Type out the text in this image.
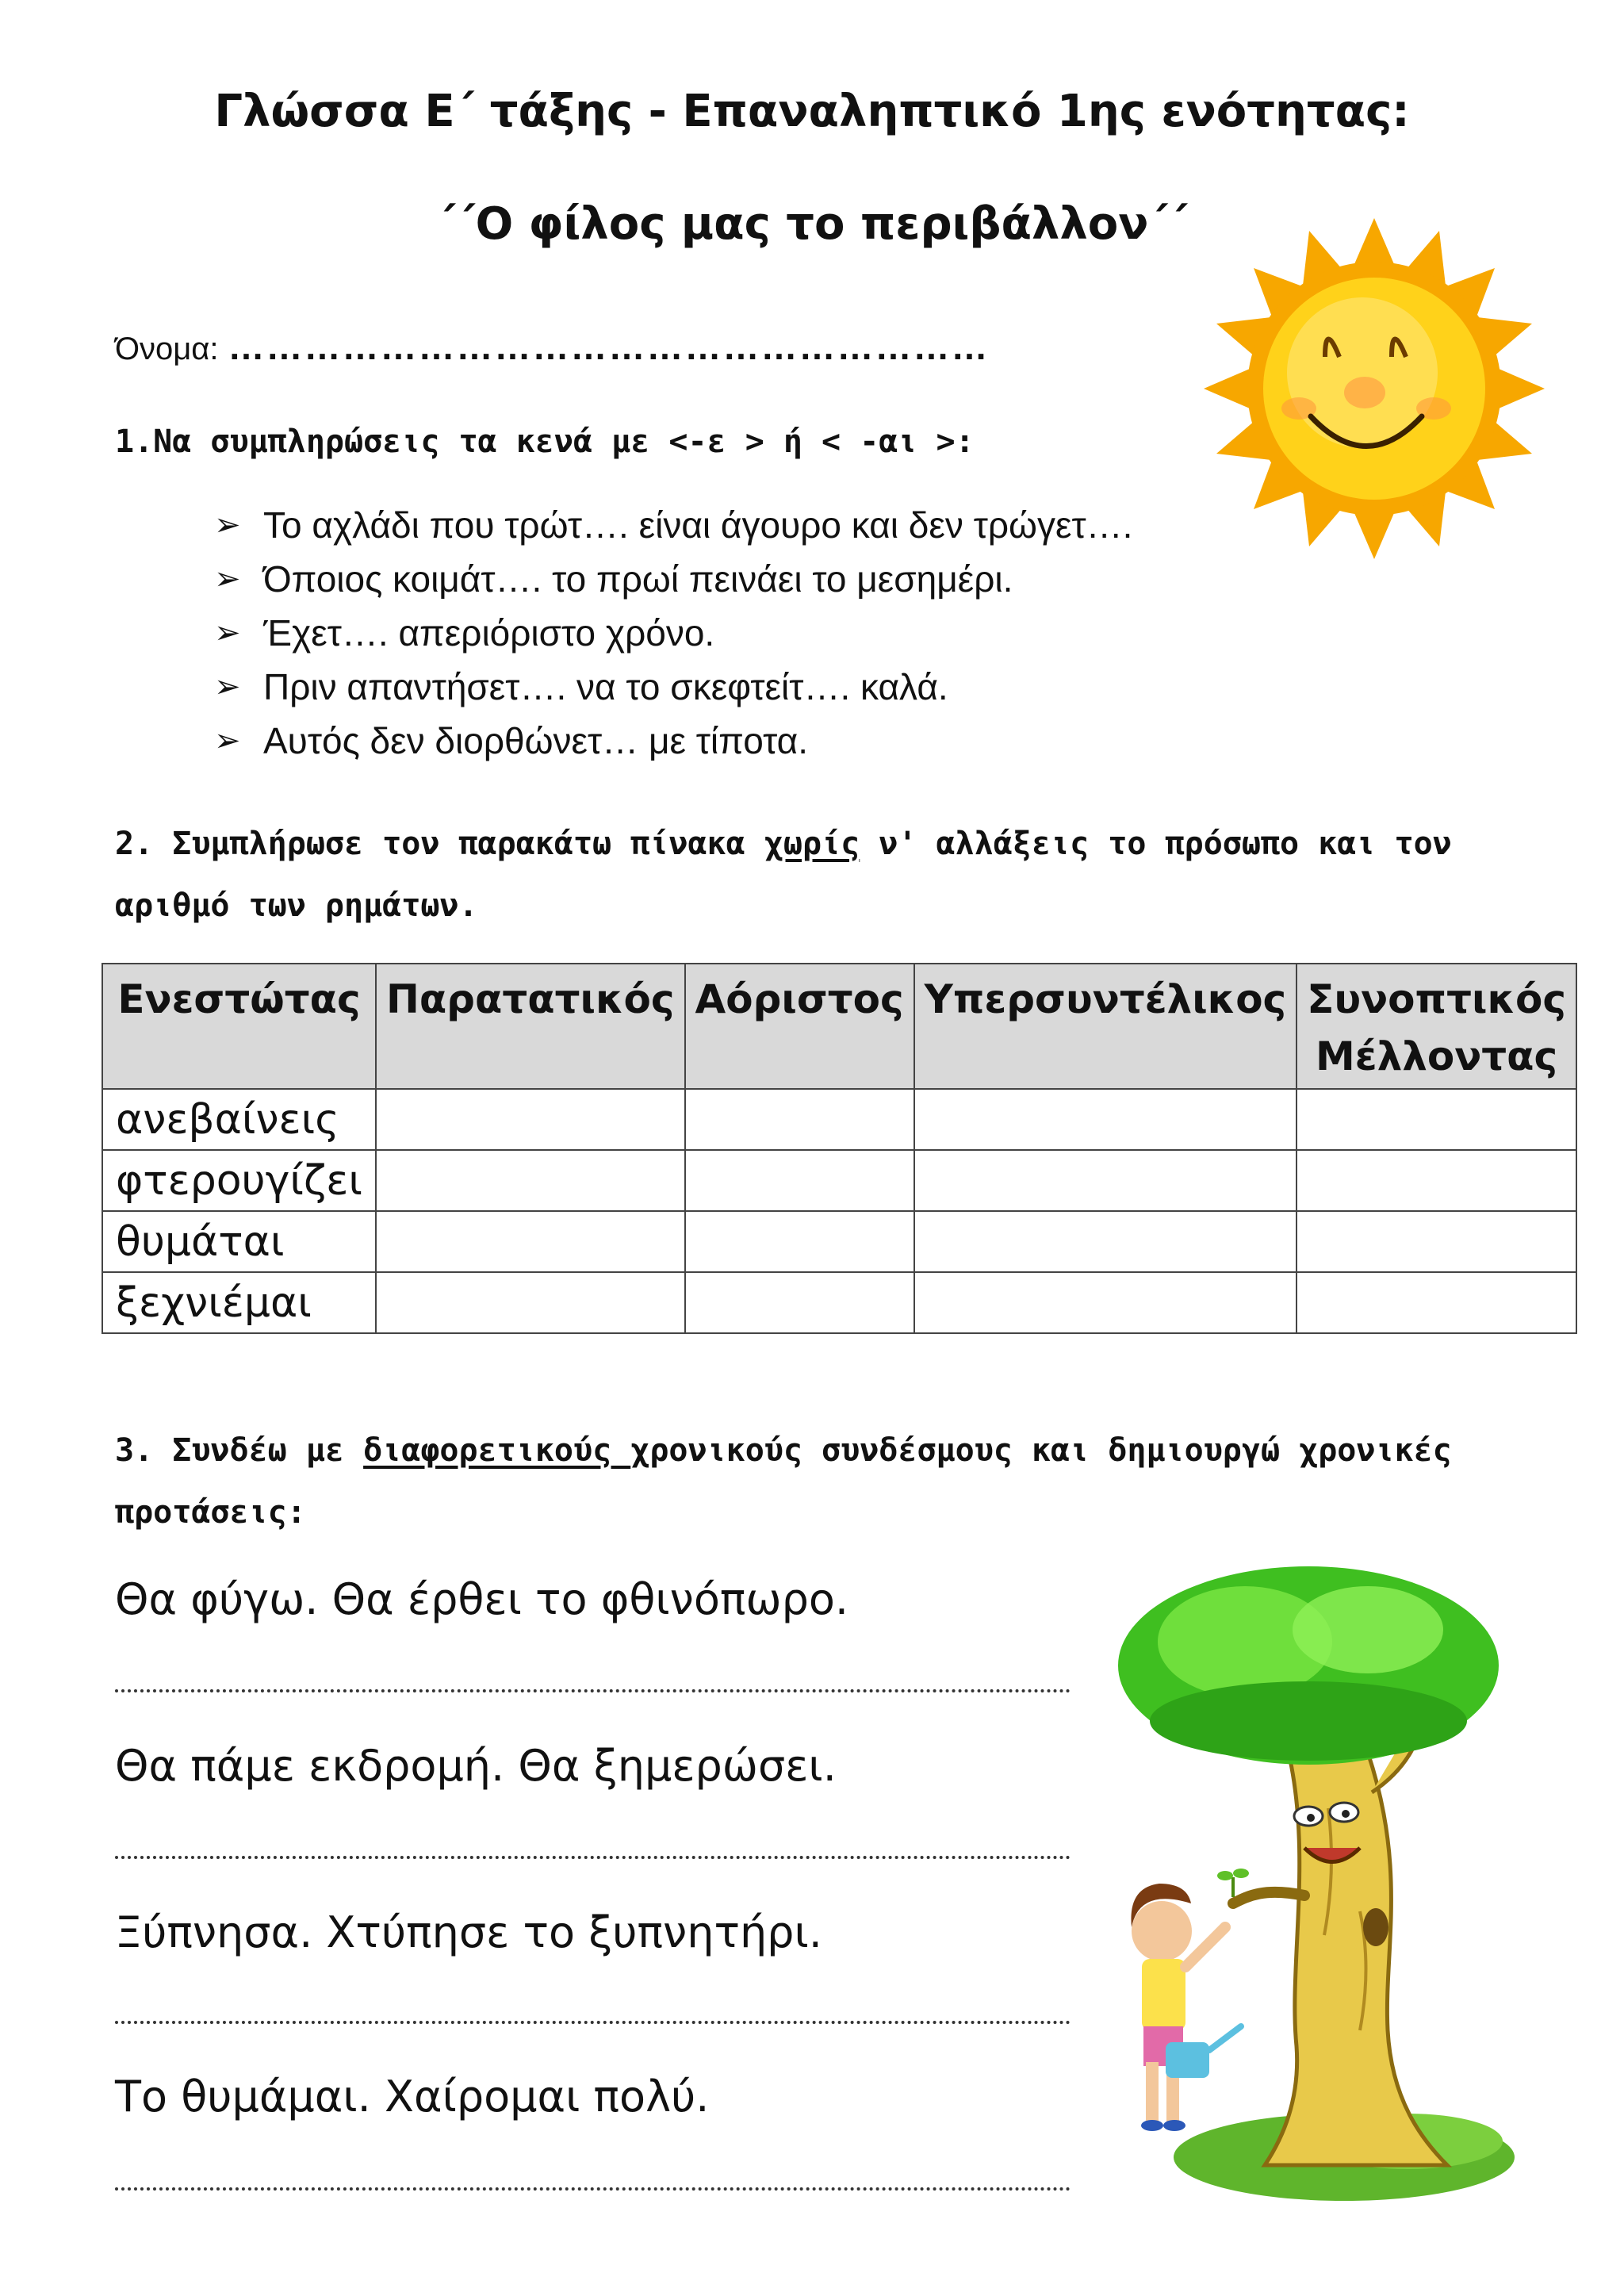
Γλώσσα Ε΄ τάξης - Επαναληπτικό 1ης ενότητας:
΄΄Ο φίλος μας το περιβάλλον΄΄
Όνομα: ……………………………………………………
1.Να συμπληρώσεις τα κενά με <-ε > ή < -αι >:
➢ Το αχλάδι που τρώτ…. είναι άγουρο και δεν τρώγετ….
➢ Όποιος κοιμάτ…. το πρωί πεινάει το μεσημέρι.
➢ Έχετ…. απεριόριστο χρόνο.
➢ Πριν απαντήσετ…. να το σκεφτείτ…. καλά.
➢ Αυτός δεν διορθώνετ… με τίποτα.
2. Συμπλήρωσε τον παρακάτω πίνακα χωρίς ν' αλλάξεις το πρόσωπο και τον
αριθμό των ρημάτων.
Ενεστώτας	Παρατατικός	Αόριστος	Υπερσυντέλικος	Συνοπτικός Μέλλοντας
ανεβαίνεις				
φτερουγίζει				
θυμάται				
ξεχνιέμαι				
3. Συνδέω με διαφορετικούς χρονικούς συνδέσμους και δημιουργώ χρονικές
προτάσεις:
Θα φύγω. Θα έρθει το φθινόπωρο.
Θα πάμε εκδρομή. Θα ξημερώσει.
Ξύπνησα. Χτύπησε το ξυπνητήρι.
Το θυμάμαι. Χαίρομαι πολύ.
